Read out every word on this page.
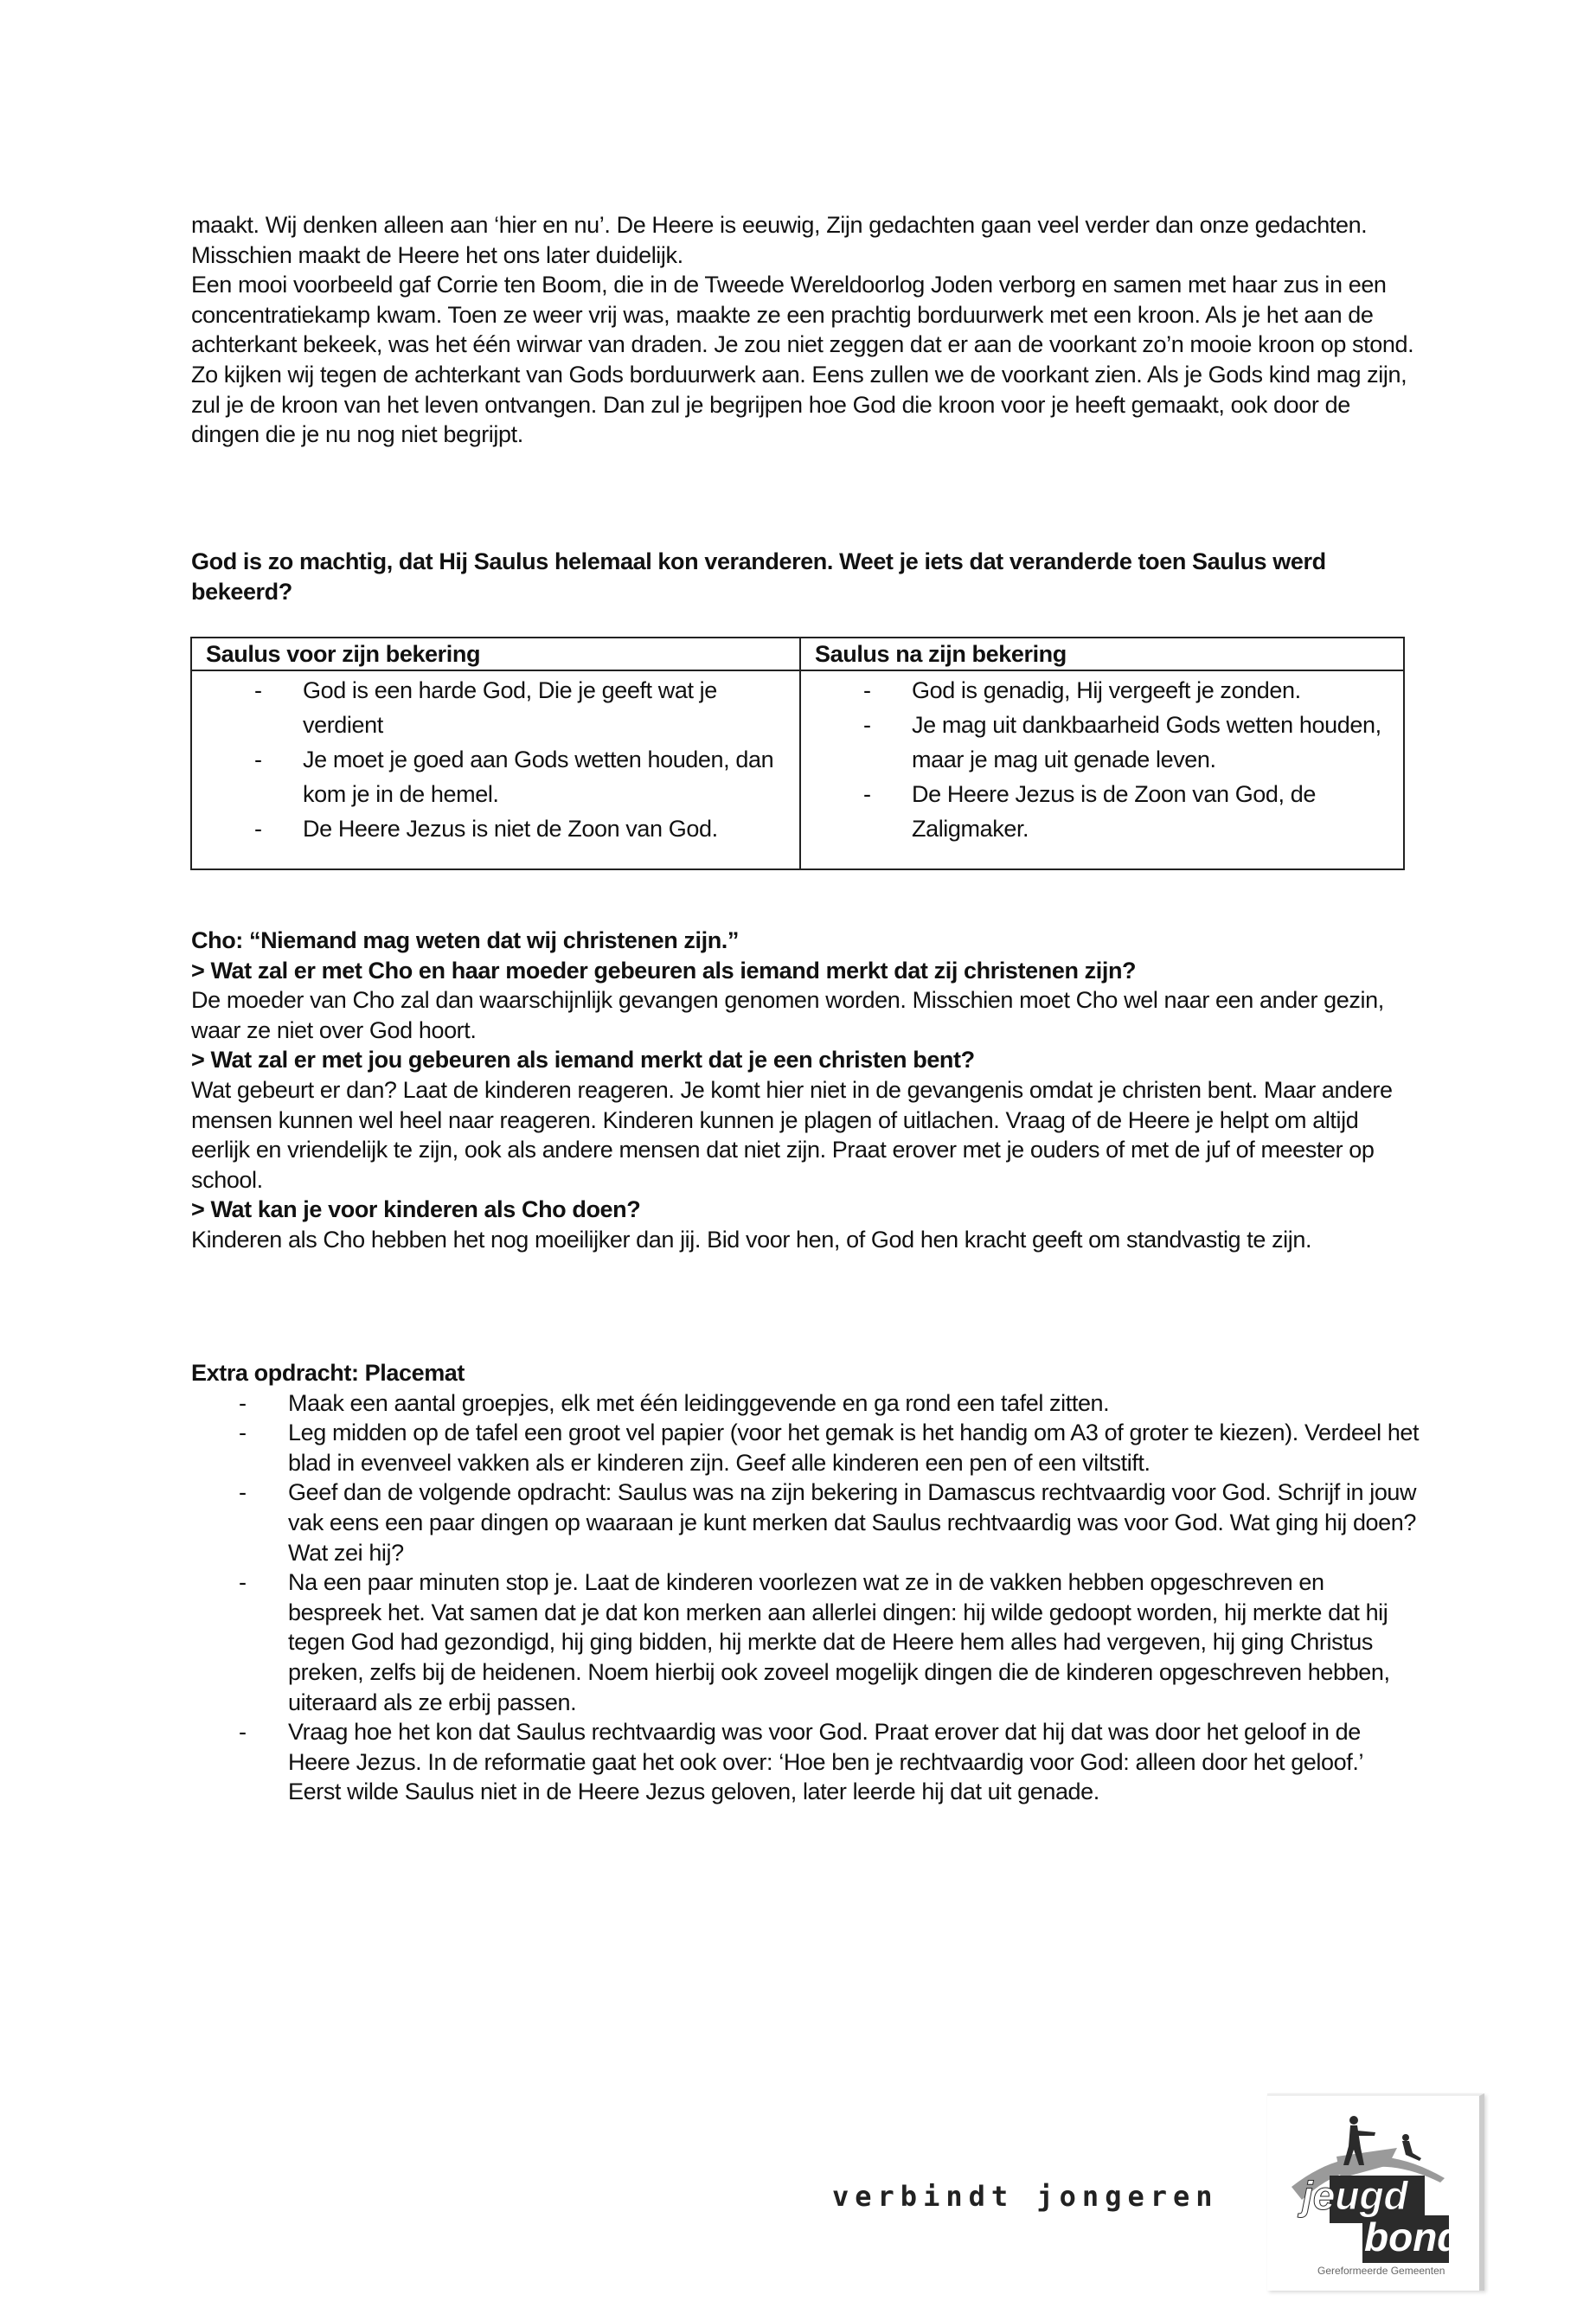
maakt. Wij denken alleen aan ‘hier en nu’. De Heere is eeuwig, Zijn gedachten gaan veel verder dan onze gedachten. Misschien maakt de Heere het ons later duidelijk.

Een mooi voorbeeld gaf Corrie ten Boom, die in de Tweede Wereldoorlog Joden verborg en samen met haar zus in een concentratiekamp kwam. Toen ze weer vrij was, maakte ze een prachtig borduurwerk met een kroon. Als je het aan de achterkant bekeek, was het één wirwar van draden. Je zou niet zeggen dat er aan de voorkant zo’n mooie kroon op stond. Zo kijken wij tegen de achterkant van Gods borduurwerk aan. Eens zullen we de voorkant zien. Als je Gods kind mag zijn, zul je de kroon van het leven ontvangen. Dan zul je begrijpen hoe God die kroon voor je heeft gemaakt, ook door de dingen die je nu nog niet begrijpt.

God is zo machtig, dat Hij Saulus helemaal kon veranderen. Weet je iets dat veranderde toen Saulus werd bekeerd?

Saulus voor zijn bekering	Saulus na zijn bekering

- God is een harde God, Die je geeft wat je verdient
- Je moet je goed aan Gods wetten houden, dan kom je in de hemel.
- De Heere Jezus is niet de Zoon van God.

- God is genadig, Hij vergeeft je zonden.
- Je mag uit dankbaarheid Gods wetten houden, maar je mag uit genade leven.
- De Heere Jezus is de Zoon van God, de Zaligmaker.

Cho: “Niemand mag weten dat wij christenen zijn.”

> Wat zal er met Cho en haar moeder gebeuren als iemand merkt dat zij christenen zijn?

De moeder van Cho zal dan waarschijnlijk gevangen genomen worden. Misschien moet Cho wel naar een ander gezin, waar ze niet over God hoort.

> Wat zal er met jou gebeuren als iemand merkt dat je een christen bent?

Wat gebeurt er dan? Laat de kinderen reageren. Je komt hier niet in de gevangenis omdat je christen bent. Maar andere mensen kunnen wel heel naar reageren. Kinderen kunnen je plagen of uitlachen. Vraag of de Heere je helpt om altijd eerlijk en vriendelijk te zijn, ook als andere mensen dat niet zijn. Praat erover met je ouders of met de juf of meester op school.

> Wat kan je voor kinderen als Cho doen?

Kinderen als Cho hebben het nog moeilijker dan jij. Bid voor hen, of God hen kracht geeft om standvastig te zijn.

Extra opdracht: Placemat

- Maak een aantal groepjes, elk met één leidinggevende en ga rond een tafel zitten.
- Leg midden op de tafel een groot vel papier (voor het gemak is het handig om A3 of groter te kiezen). Verdeel het blad in evenveel vakken als er kinderen zijn. Geef alle kinderen een pen of een viltstift.
- Geef dan de volgende opdracht: Saulus was na zijn bekering in Damascus rechtvaardig voor God. Schrijf in jouw vak eens een paar dingen op waaraan je kunt merken dat Saulus rechtvaardig was voor God. Wat ging hij doen? Wat zei hij?
- Na een paar minuten stop je. Laat de kinderen voorlezen wat ze in de vakken hebben opgeschreven en bespreek het. Vat samen dat je dat kon merken aan allerlei dingen: hij wilde gedoopt worden, hij merkte dat hij tegen God had gezondigd, hij ging bidden, hij merkte dat de Heere hem alles had vergeven, hij ging Christus preken, zelfs bij de heidenen. Noem hierbij ook zoveel mogelijk dingen die de kinderen opgeschreven hebben, uiteraard als ze erbij passen.
- Vraag hoe het kon dat Saulus rechtvaardig was voor God. Praat erover dat hij dat was door het geloof in de Heere Jezus. In de reformatie gaat het ook over: ‘Hoe ben je rechtvaardig voor God: alleen door het geloof.’ Eerst wilde Saulus niet in de Heere Jezus geloven, later leerde hij dat uit genade.
verbindt jongeren jeugd
bond
Gereformeerde Gemeenten
